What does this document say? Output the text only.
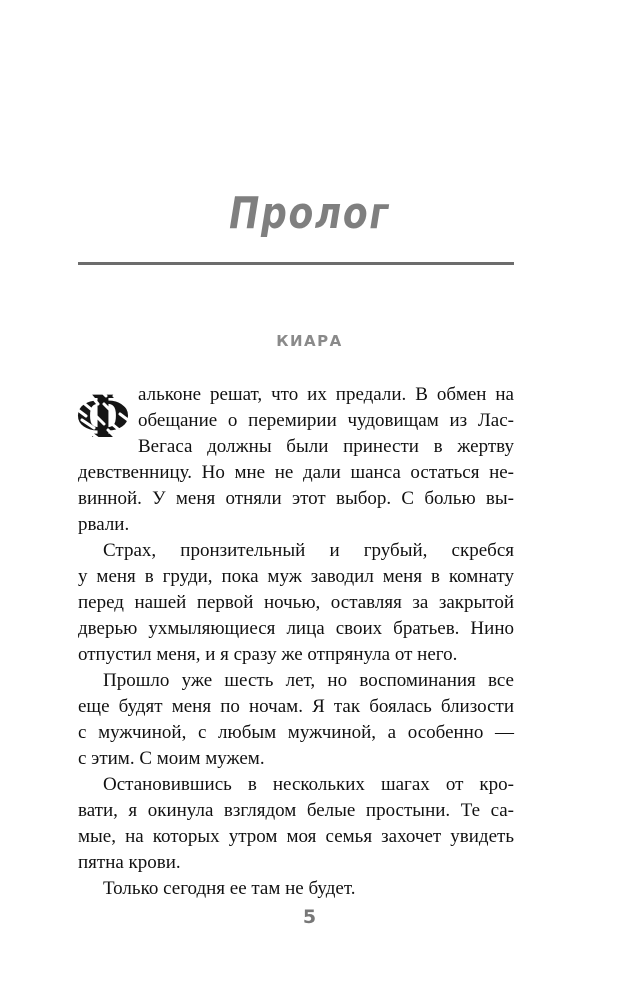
Пролог
КИАРА
Ф альконе решат, что их предали. В обмен на
обещание о перемирии чудовищам из Лас-
Вегаса должны были принести в жертву
девственницу. Но мне не дали шанса остаться не-
винной. У меня отняли этот выбор. С болью вы-
рвали.
Страх, пронзительный и грубый, скребся
у меня в груди, пока муж заводил меня в комнату
перед нашей первой ночью, оставляя за закрытой
дверью ухмыляющиеся лица своих братьев. Нино
отпустил меня, и я сразу же отпрянула от него.
Прошло уже шесть лет, но воспоминания все
еще будят меня по ночам. Я так боялась близости
с мужчиной, с любым мужчиной, а особенно —
с этим. С моим мужем.
Остановившись в нескольких шагах от кро-
вати, я окинула взглядом белые простыни. Те са-
мые, на которых утром моя семья захочет увидеть
пятна крови.
Только сегодня ее там не будет.
5
